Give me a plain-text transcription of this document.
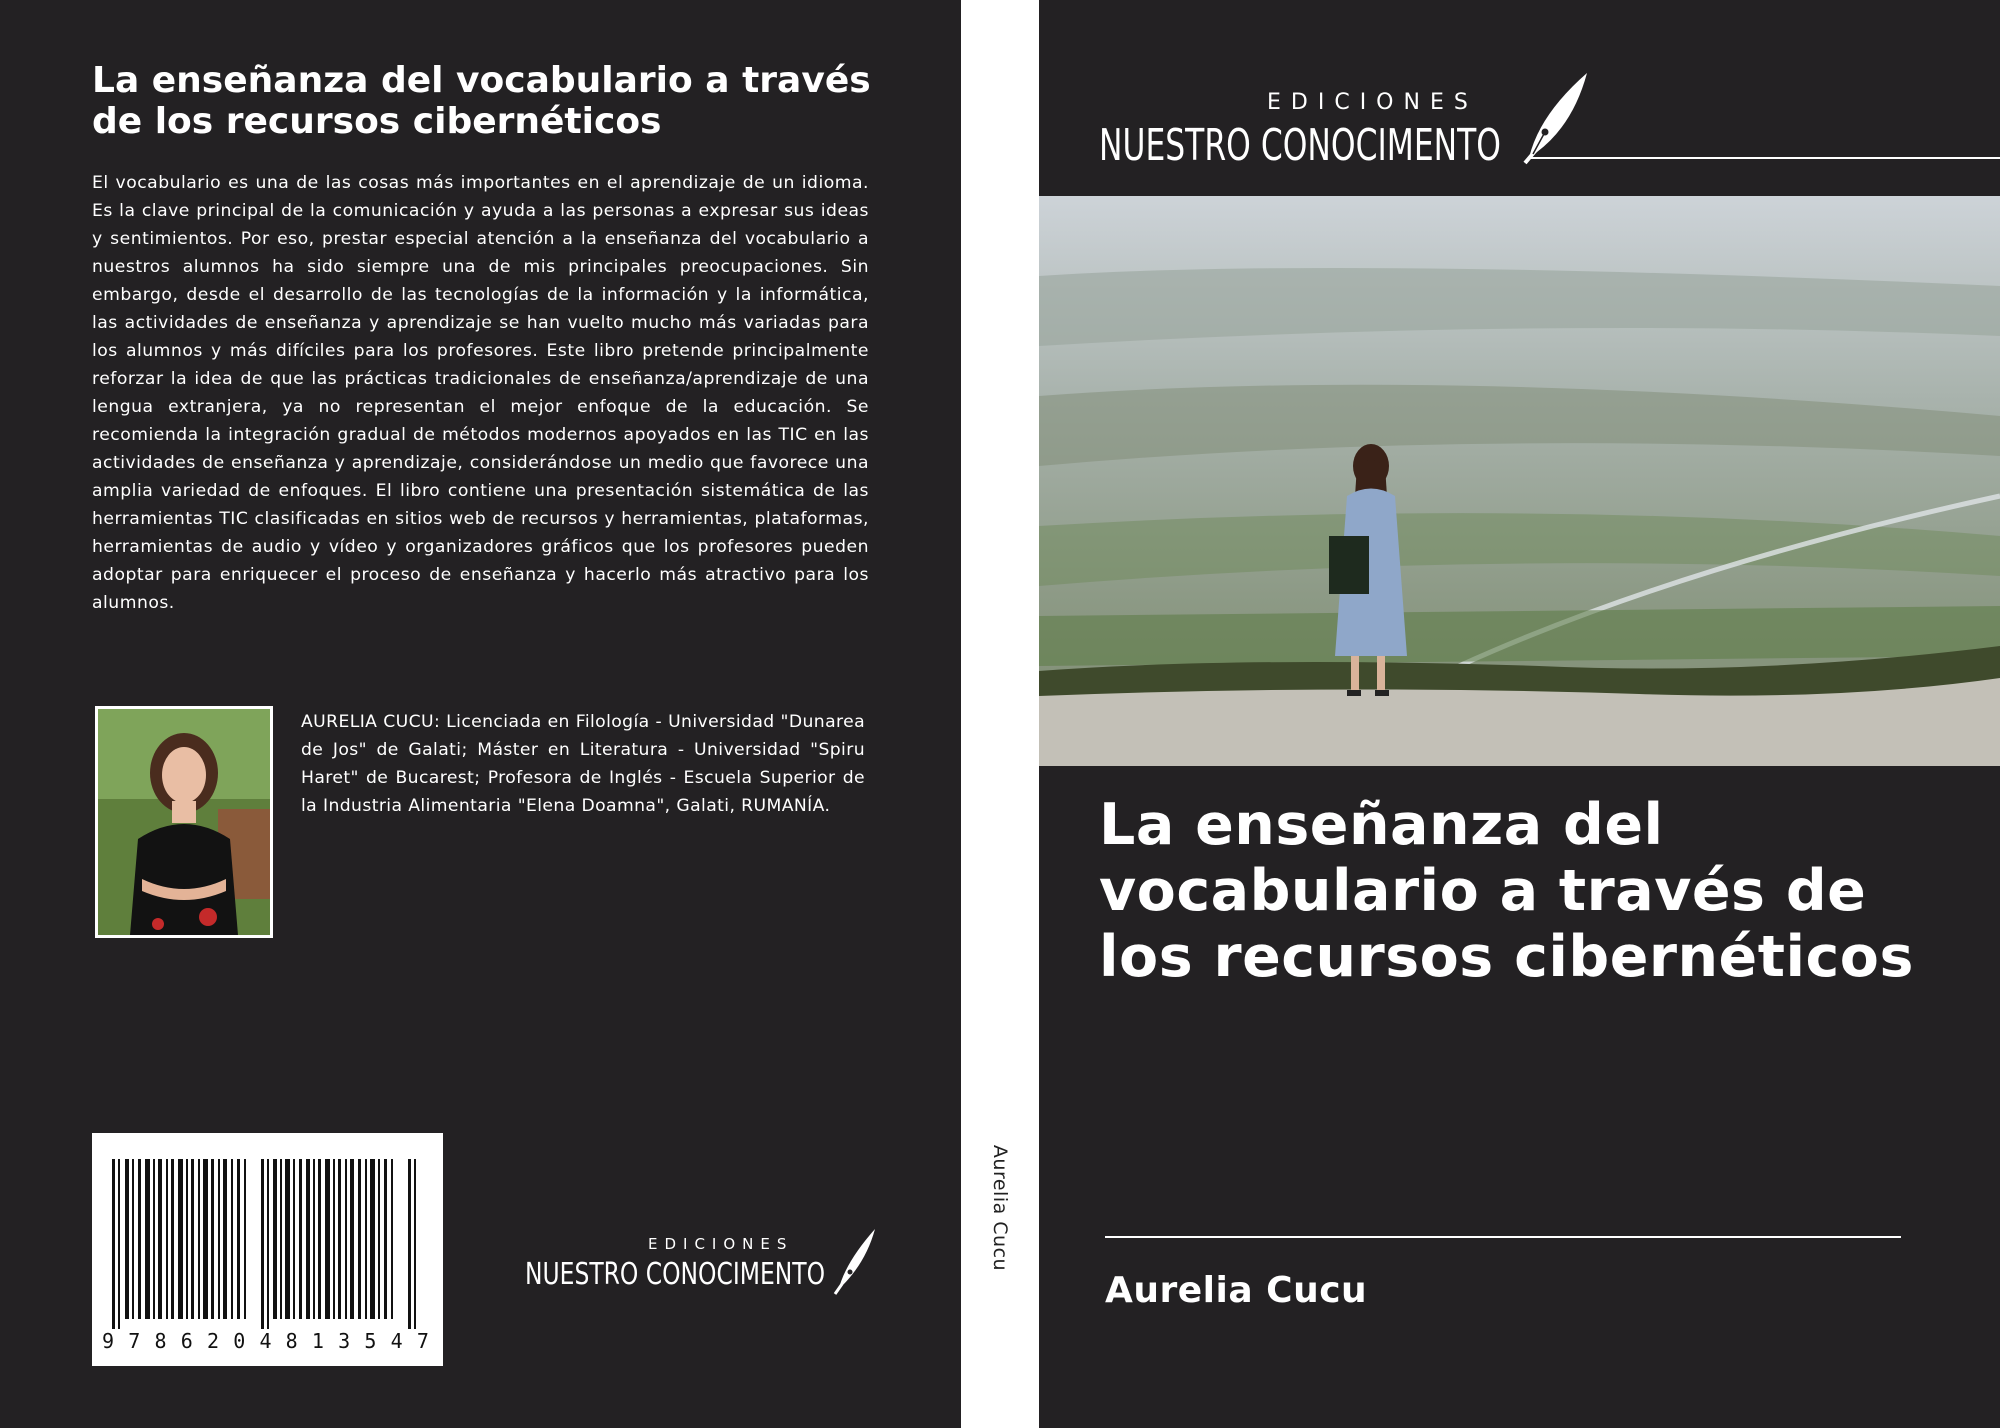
La enseñanza del vocabulario a través de los recursos cibernéticos
El vocabulario es una de las cosas más importantes en el aprendizaje de un idioma. Es la clave principal de la comunicación y ayuda a las personas a expresar sus ideas y sentimientos. Por eso, prestar especial atención a la enseñanza del vocabulario a nuestros alumnos ha sido siempre una de mis principales preocupaciones. Sin embargo, desde el desarrollo de las tecnologías de la información y la informática, las actividades de enseñanza y aprendizaje se han vuelto mucho más variadas para los alumnos y más difíciles para los profesores. Este libro pretende principalmente reforzar la idea de que las prácticas tradicionales de enseñanza/aprendizaje de una lengua extranjera, ya no representan el mejor enfoque de la educación. Se recomienda la integración gradual de métodos modernos apoyados en las TIC en las actividades de enseñanza y aprendizaje, considerándose un medio que favorece una amplia variedad de enfoques. El libro contiene una presentación sistemática de las herramientas TIC clasificadas en sitios web de recursos y herramientas, plataformas, herramientas de audio y vídeo y organizadores gráficos que los profesores pueden adoptar para enriquecer el proceso de enseñanza y hacerlo más atractivo para los alumnos.
AURELIA CUCU: Licenciada en Filología - Universidad "Dunarea de Jos" de Galati; Máster en Literatura - Universidad "Spiru Haret" de Bucarest; Profesora de Inglés - Escuela Superior de la Industria Alimentaria "Elena Doamna", Galati, RUMANÍA.
9786204813547
EDICIONES
NUESTRO CONOCIMENTO
Aurelia Cucu
EDICIONES
NUESTRO CONOCIMENTO
La enseñanza del vocabulario a través de los recursos cibernéticos
Aurelia Cucu
